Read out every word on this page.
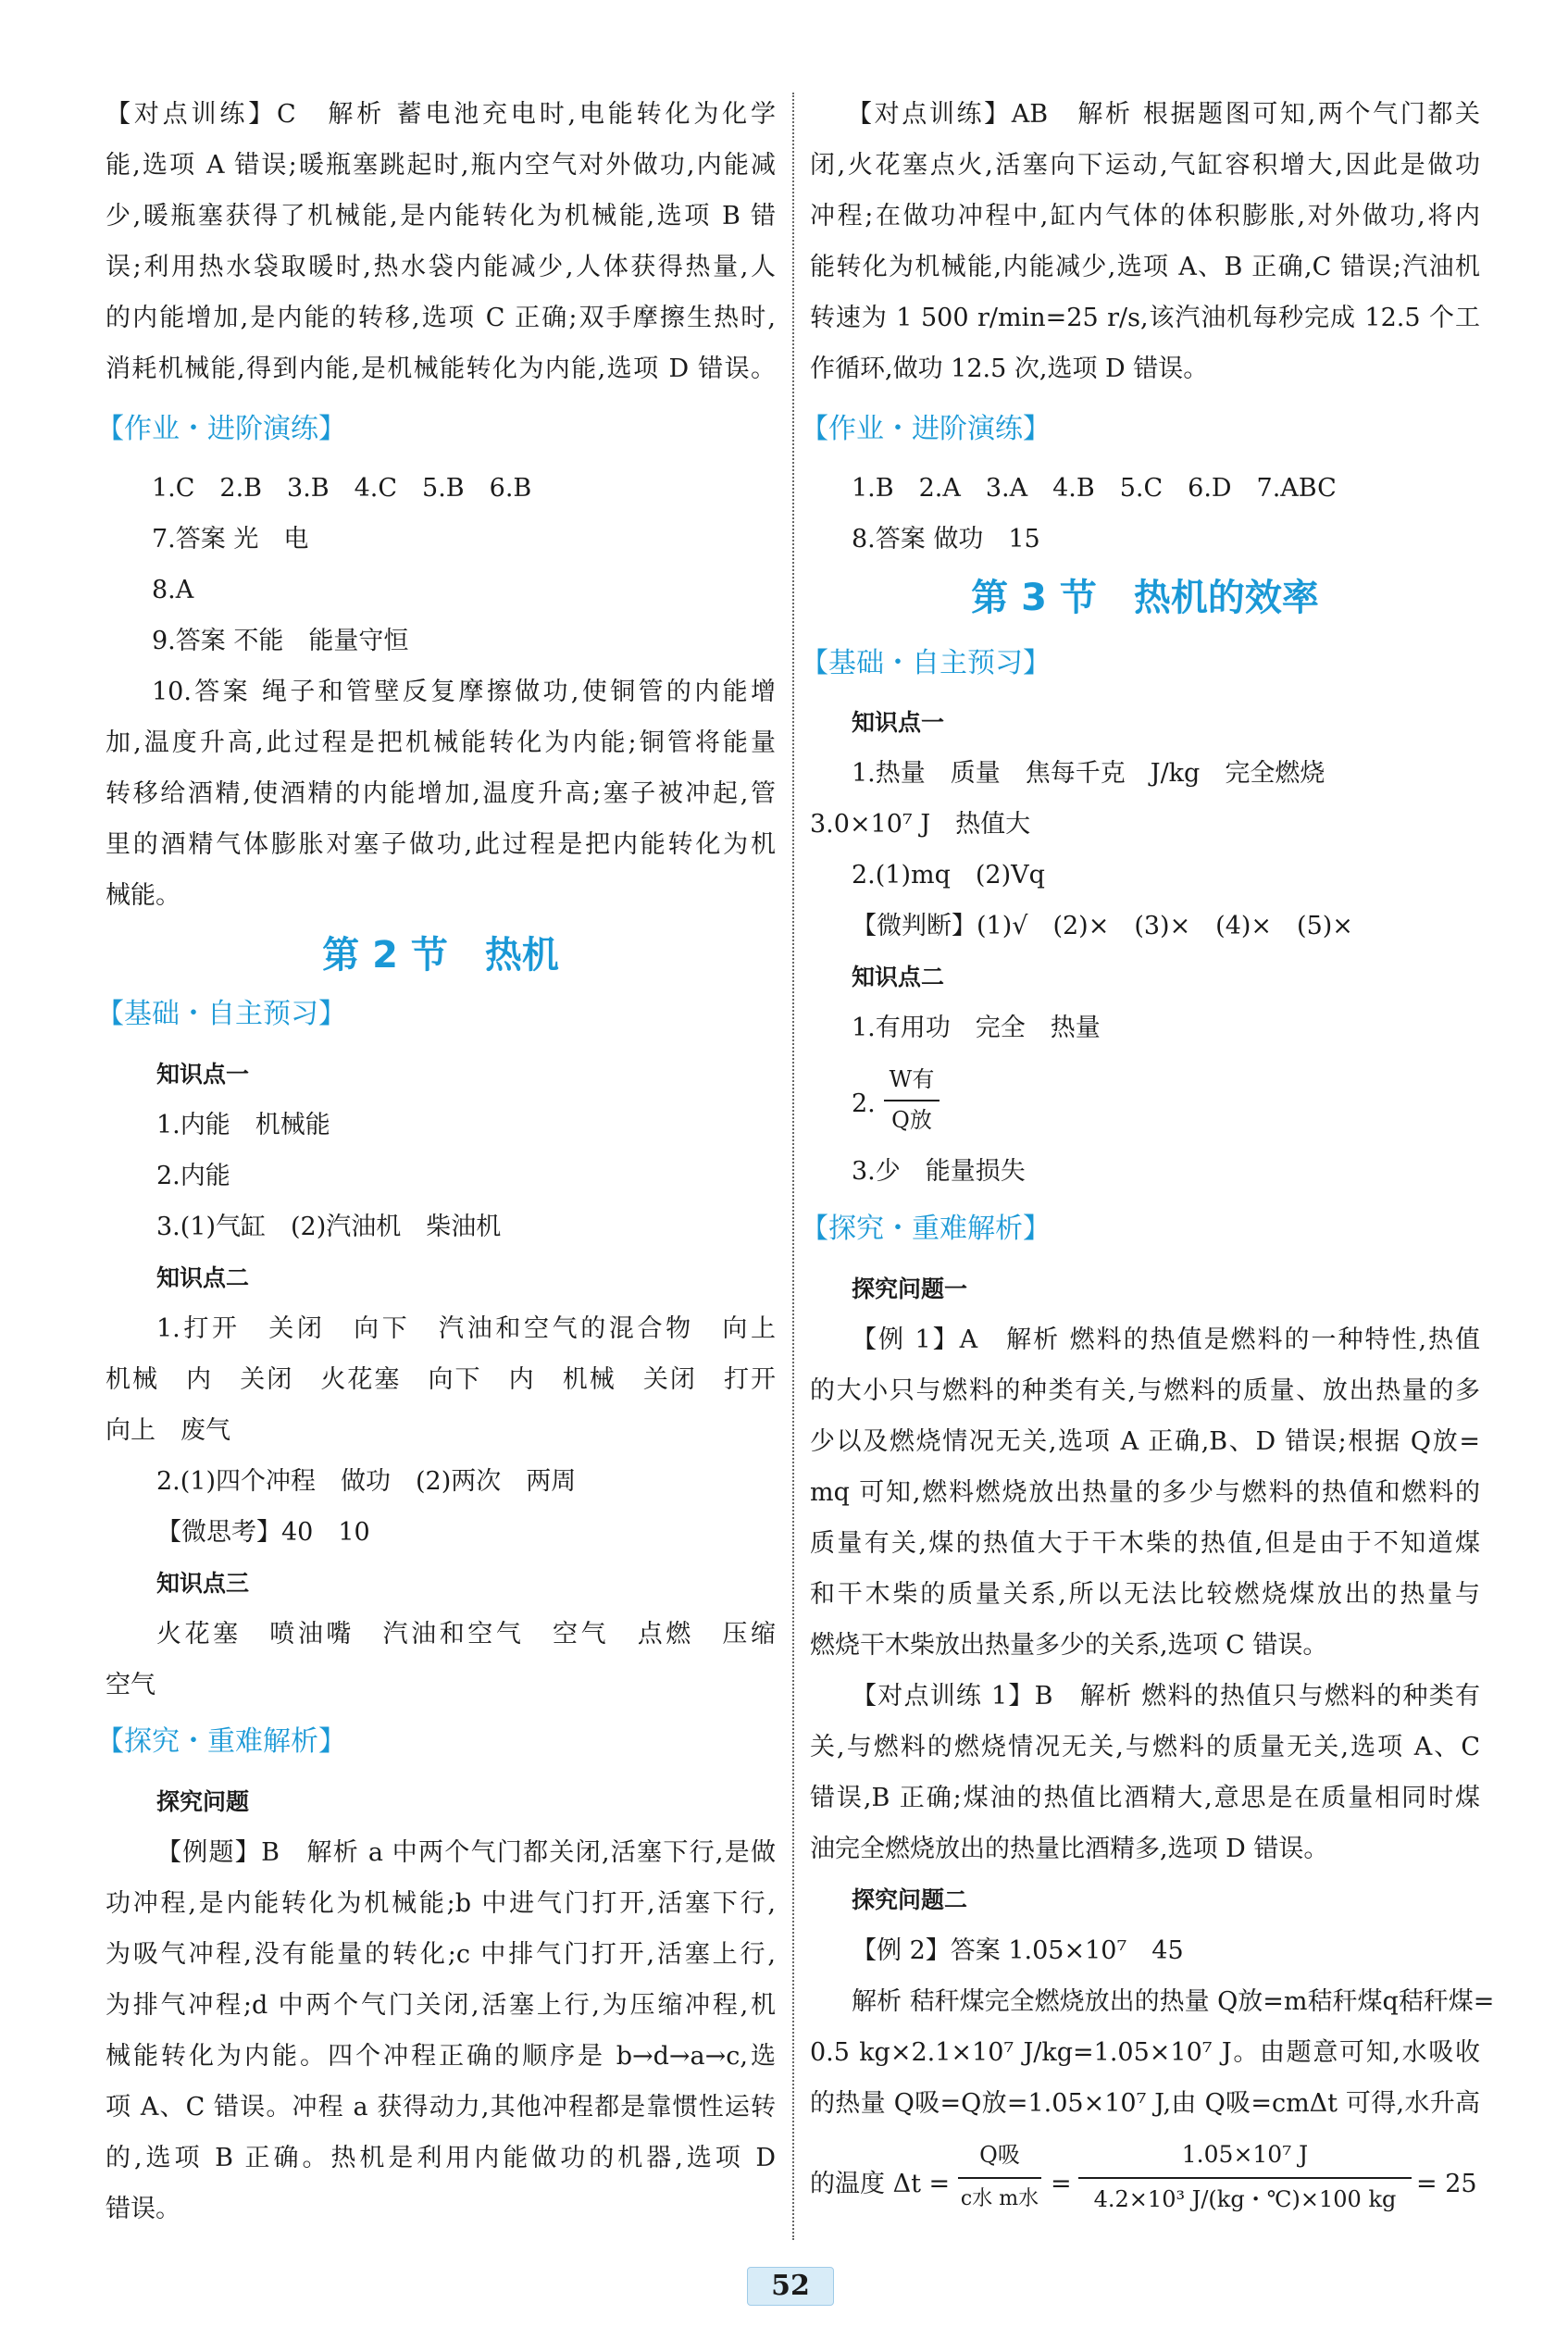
【对点训练】C　解析 蓄电池充电时,电能转化为化学
能,选项 A 错误;暖瓶塞跳起时,瓶内空气对外做功,内能减
少,暖瓶塞获得了机械能,是内能转化为机械能,选项 B 错
误;利用热水袋取暖时,热水袋内能减少,人体获得热量,人
的内能增加,是内能的转移,选项 C 正确;双手摩擦生热时,
消耗机械能,得到内能,是机械能转化为内能,选项 D 错误。
【作业・进阶演练】
1.C　2.B　3.B　4.C　5.B　6.B
7.答案 光　电
8.A
9.答案 不能　能量守恒
10.答案 绳子和管壁反复摩擦做功,使铜管的内能增
加,温度升高,此过程是把机械能转化为内能;铜管将能量
转移给酒精,使酒精的内能增加,温度升高;塞子被冲起,管
里的酒精气体膨胀对塞子做功,此过程是把内能转化为机
械能。
第 2 节　热机
【基础・自主预习】
知识点一
1.内能　机械能
2.内能
3.(1)气缸　(2)汽油机　柴油机
知识点二
1.打开　关闭　向下　汽油和空气的混合物　向上
机械　内　关闭　火花塞　向下　内　机械　关闭　打开
向上　废气
2.(1)四个冲程　做功　(2)两次　两周
【微思考】40　10
知识点三
火花塞　喷油嘴　汽油和空气　空气　点燃　压缩
空气
【探究・重难解析】
探究问题
【例题】B　解析 a 中两个气门都关闭,活塞下行,是做
功冲程,是内能转化为机械能;b 中进气门打开,活塞下行,
为吸气冲程,没有能量的转化;c 中排气门打开,活塞上行,
为排气冲程;d 中两个气门关闭,活塞上行,为压缩冲程,机
械能转化为内能。四个冲程正确的顺序是 b→d→a→c,选
项 A、C 错误。冲程 a 获得动力,其他冲程都是靠惯性运转
的,选项 B 正确。热机是利用内能做功的机器,选项 D
错误。
【对点训练】AB　解析 根据题图可知,两个气门都关
闭,火花塞点火,活塞向下运动,气缸容积增大,因此是做功
冲程;在做功冲程中,缸内气体的体积膨胀,对外做功,将内
能转化为机械能,内能减少,选项 A、B 正确,C 错误;汽油机
转速为 1 500 r/min=25 r/s,该汽油机每秒完成 12.5 个工
作循环,做功 12.5 次,选项 D 错误。
【作业・进阶演练】
1.B　2.A　3.A　4.B　5.C　6.D　7.ABC
8.答案 做功　15
第 3 节　热机的效率
【基础・自主预习】
知识点一
1.热量　质量　焦每千克　J/kg　完全燃烧
3.0×10⁷ J　热值大
2.(1)mq　(2)Vq
【微判断】(1)√　(2)×　(3)×　(4)×　(5)×
知识点二
1.有用功　完全　热量
2.
W有
Q放
3.少　能量损失
【探究・重难解析】
探究问题一
【例 1】A　解析 燃料的热值是燃料的一种特性,热值
的大小只与燃料的种类有关,与燃料的质量、放出热量的多
少以及燃烧情况无关,选项 A 正确,B、D 错误;根据 Q放=
mq 可知,燃料燃烧放出热量的多少与燃料的热值和燃料的
质量有关,煤的热值大于干木柴的热值,但是由于不知道煤
和干木柴的质量关系,所以无法比较燃烧煤放出的热量与
燃烧干木柴放出热量多少的关系,选项 C 错误。
【对点训练 1】B　解析 燃料的热值只与燃料的种类有
关,与燃料的燃烧情况无关,与燃料的质量无关,选项 A、C
错误,B 正确;煤油的热值比酒精大,意思是在质量相同时煤
油完全燃烧放出的热量比酒精多,选项 D 错误。
探究问题二
【例 2】答案 1.05×10⁷　45
解析 秸秆煤完全燃烧放出的热量 Q放=m秸秆煤q秸秆煤=
0.5 kg×2.1×10⁷ J/kg=1.05×10⁷ J。由题意可知,水吸收
的热量 Q吸=Q放=1.05×10⁷ J,由 Q吸=cmΔt 可得,水升高
的温度 Δt =
Q吸
c水 m水
=
1.05×10⁷ J
4.2×10³ J/(kg・℃)×100 kg
= 25
52
